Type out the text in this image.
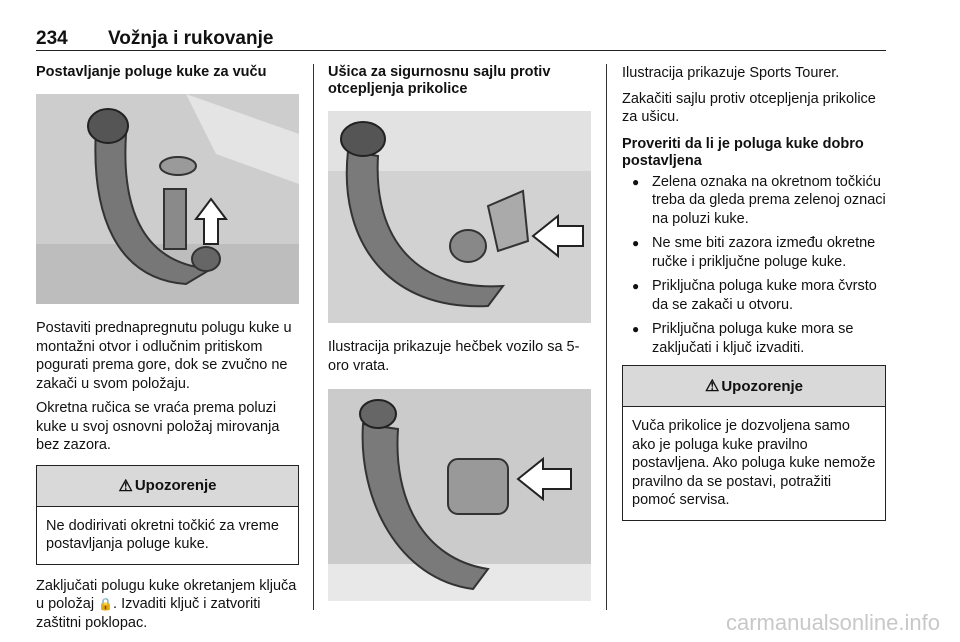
234 Vožnja i rukovanje
Postavljanje poluge kuke za vuču

Postaviti prednapregnutu polugu kuke u montažni otvor i odlučnim pritiskom pogurati prema gore, dok se zvučno ne zakači u svom položaju.

Okretna ručica se vraća prema poluzi kuke u svoj osnovni položaj mirovanja bez zazora.

⚠ Upozorenje
Ne dodirivati okretni točkić za vreme postavljanja poluge kuke.

Zaključati polugu kuke okretanjem ključa u položaj 🔒. Izvaditi ključ i zatvoriti zaštitni poklopac.

Ušica za sigurnosnu sajlu protiv otcepljenja prikolice

Ilustracija prikazuje hečbek vozilo sa 5-oro vrata.

Ilustracija prikazuje Sports Tourer.

Zakačiti sajlu protiv otcepljenja prikolice za ušicu.

Proveriti da li je poluga kuke dobro postavljena
● Zelena oznaka na okretnom točkiću treba da gleda prema zelenoj oznaci na poluzi kuke.
● Ne sme biti zazora između okretne ručke i priključne poluge kuke.
● Priključna poluga kuke mora čvrsto da se zakači u otvoru.
● Priključna poluga kuke mora se zaključati i ključ izvaditi.
⚠ Upozorenje
Vuča prikolice je dozvoljena samo ako je poluga kuke pravilno postavljena. Ako poluga kuke nemože pravilno da se postavi, potražiti pomoć servisa.
carmanualsonline.info
